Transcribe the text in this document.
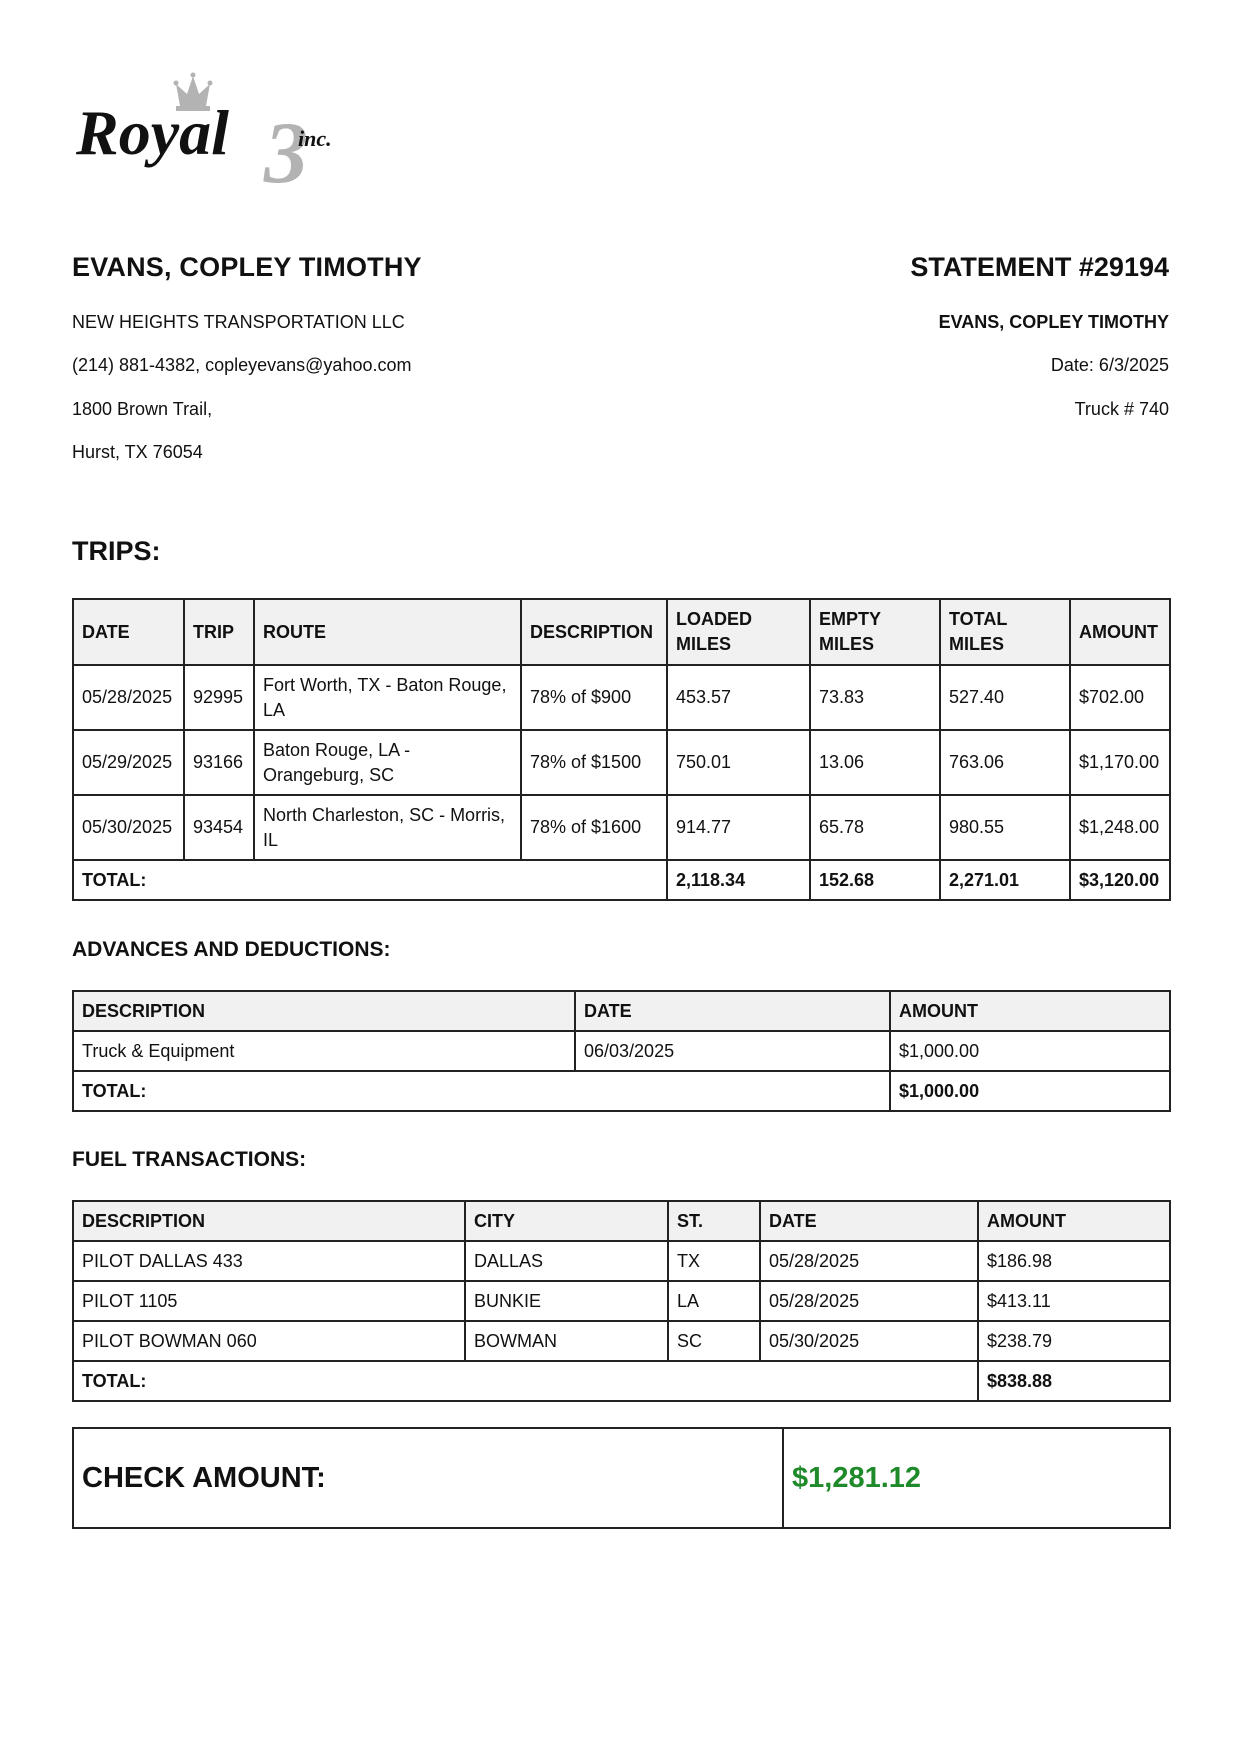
3
Royal	inc.
EVANS, COPLEY TIMOTHY
NEW HEIGHTS TRANSPORTATION LLC
(214) 881-4382, copleyevans@yahoo.com
1800 Brown Trail,
Hurst, TX 76054
STATEMENT #29194
EVANS, COPLEY TIMOTHY
Date: 6/3/2025
Truck # 740
TRIPS:
DATE	TRIP	ROUTE	DESCRIPTION	LOADED MILES	EMPTY MILES	TOTAL MILES	AMOUNT
05/28/2025	92995	Fort Worth, TX - Baton Rouge, LA	78% of $900	453.57	73.83	527.40	$702.00
05/29/2025	93166	Baton Rouge, LA - Orangeburg, SC	78% of $1500	750.01	13.06	763.06	$1,170.00
05/30/2025	93454	North Charleston, SC - Morris, IL	78% of $1600	914.77	65.78	980.55	$1,248.00
TOTAL:				2,118.34	152.68	2,271.01	$3,120.00
ADVANCES AND DEDUCTIONS:
DESCRIPTION	DATE	AMOUNT
Truck & Equipment	06/03/2025	$1,000.00
TOTAL:		$1,000.00
FUEL TRANSACTIONS:
DESCRIPTION	CITY	ST.	DATE	AMOUNT
PILOT DALLAS 433	DALLAS	TX	05/28/2025	$186.98
PILOT 1105	BUNKIE	LA	05/28/2025	$413.11
PILOT BOWMAN 060	BOWMAN	SC	05/30/2025	$238.79
TOTAL:				$838.88
CHECK AMOUNT:	$1,281.12
